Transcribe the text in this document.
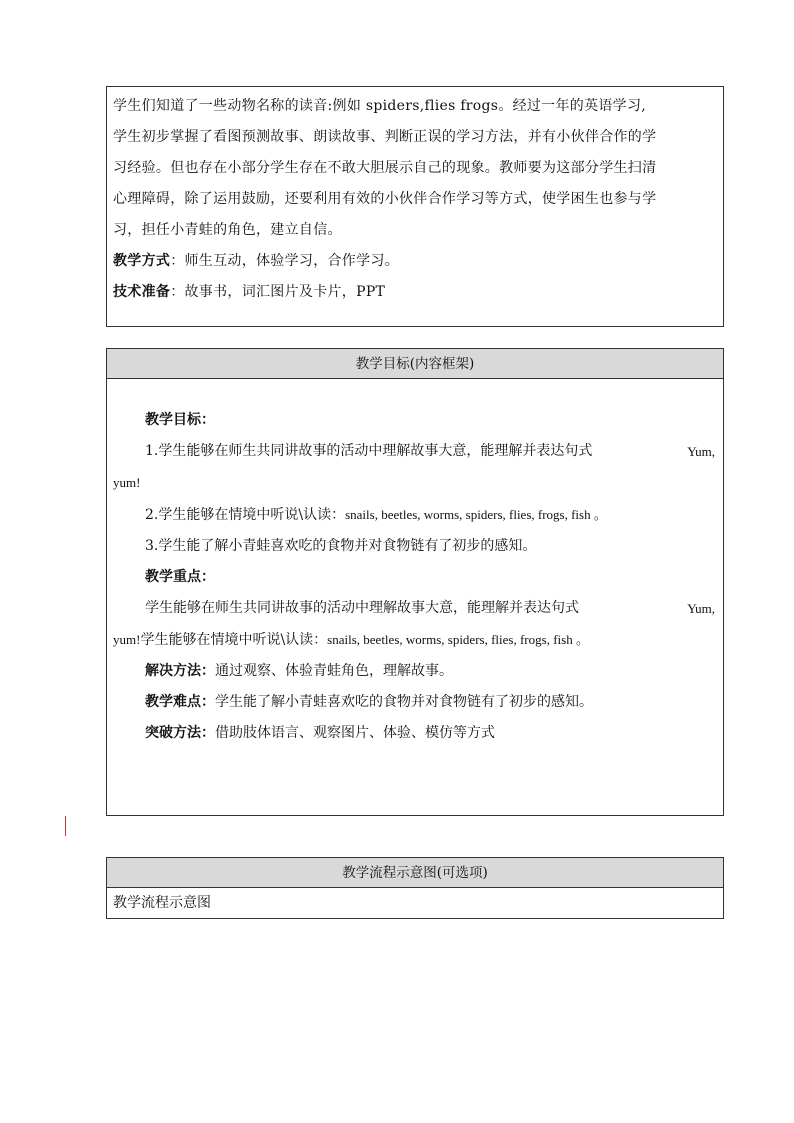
学生们知道了一些动物名称的读音:例如 spiders,flies frogs。经过一年的英语学习,
学生初步掌握了看图预测故事、朗读故事、判断正误的学习方法，并有小伙伴合作的学
习经验。但也存在小部分学生存在不敢大胆展示自己的现象。教师要为这部分学生扫清
心理障碍，除了运用鼓励，还要利用有效的小伙伴合作学习等方式，使学困生也参与学
习，担任小青蛙的角色，建立自信。
教学方式：师生互动，体验学习，合作学习。
技术准备：故事书，词汇图片及卡片，PPT
教学目标(内容框架)
教学目标：
1.学生能够在师生共同讲故事的活动中理解故事大意，能理解并表达句式	Yum,
yum!
2.学生能够在情境中听说\认读：snails, beetles, worms, spiders, flies, frogs, fish 。
3.学生能了解小青蛙喜欢吃的食物并对食物链有了初步的感知。
教学重点：
学生能够在师生共同讲故事的活动中理解故事大意，能理解并表达句式	Yum,
yum!学生能够在情境中听说\认读：snails, beetles, worms, spiders, flies, frogs, fish 。
解决方法：通过观察、体验青蛙角色，理解故事。
教学难点：学生能了解小青蛙喜欢吃的食物并对食物链有了初步的感知。
突破方法：借助肢体语言、观察图片、体验、模仿等方式
教学流程示意图(可选项)
教学流程示意图
